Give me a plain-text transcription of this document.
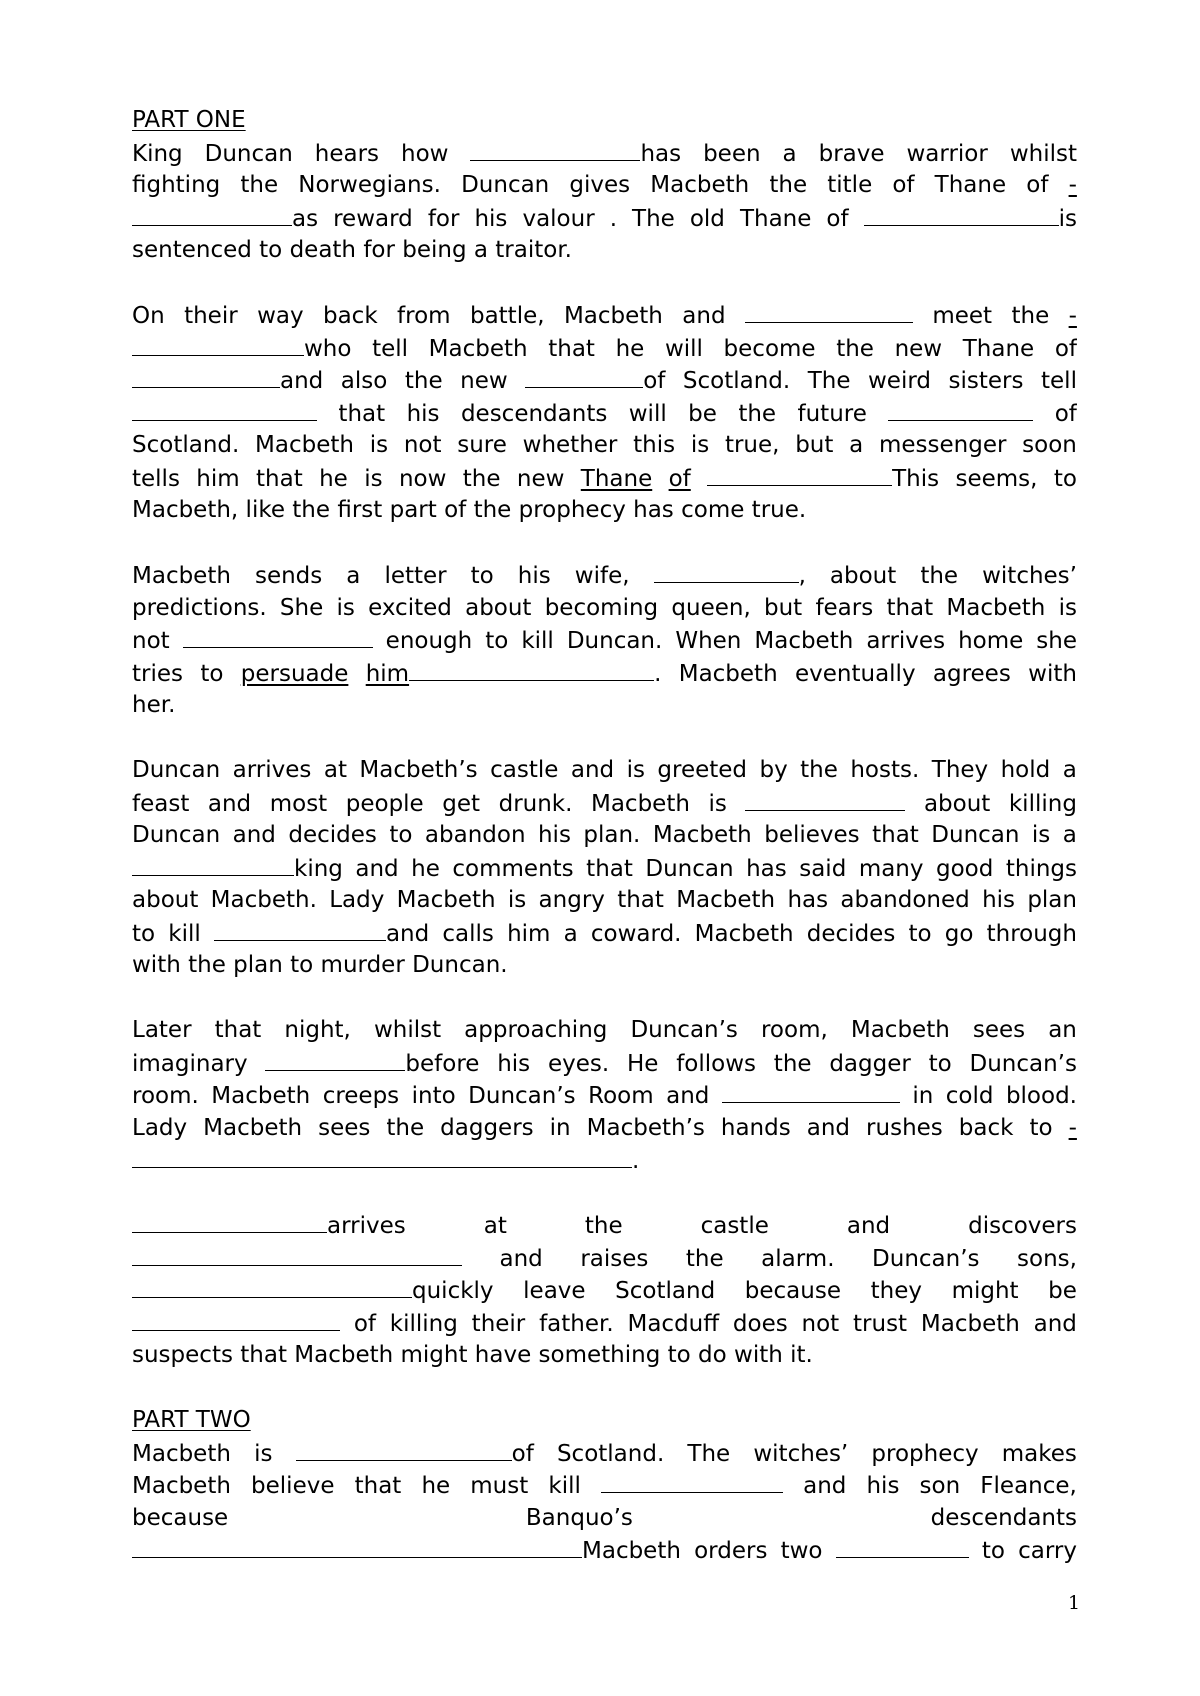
PART ONE
King Duncan hears how	has been a brave warrior whilst
fighting the Norwegians. Duncan gives Macbeth the title of Thane of -
as reward for his valour . The old Thane of	is
sentenced to death for being a traitor.
On their way back from battle, Macbeth and	meet the -
who tell Macbeth that he will become the new Thane of
and also the new	of Scotland. The weird sisters tell
that his descendants will be the future	of
Scotland. Macbeth is not sure whether this is true, but a messenger soon
tells him that he is now the new Thane of	This seems, to
Macbeth, like the first part of the prophecy has come true.
Macbeth sends a letter to his wife,	, about the witches’
predictions. She is excited about becoming queen, but fears that Macbeth is
not	enough to kill Duncan. When Macbeth arrives home she
tries to persuade him	. Macbeth eventually agrees with
her.
Duncan arrives at Macbeth’s castle and is greeted by the hosts. They hold a
feast and most people get drunk. Macbeth is	about killing
Duncan and decides to abandon his plan. Macbeth believes that Duncan is a
king and he comments that Duncan has said many good things
about Macbeth. Lady Macbeth is angry that Macbeth has abandoned his plan
to kill	and calls him a coward. Macbeth decides to go through
with the plan to murder Duncan.
Later that night, whilst approaching Duncan’s room, Macbeth sees an
imaginary	before his eyes. He follows the dagger to Duncan’s
room. Macbeth creeps into Duncan’s Room and	in cold blood.
Lady Macbeth sees the daggers in Macbeth’s hands and rushes back to -
.
arrives	at	the	castle	and	discovers
and raises the alarm. Duncan’s sons,
quickly leave Scotland because they might be
of killing their father. Macduff does not trust Macbeth and
suspects that Macbeth might have something to do with it.
PART TWO
Macbeth is	of Scotland. The witches’ prophecy makes
Macbeth believe that he must kill	and his son Fleance,
because	Banquo’s	descendants
Macbeth orders two	to carry
1
